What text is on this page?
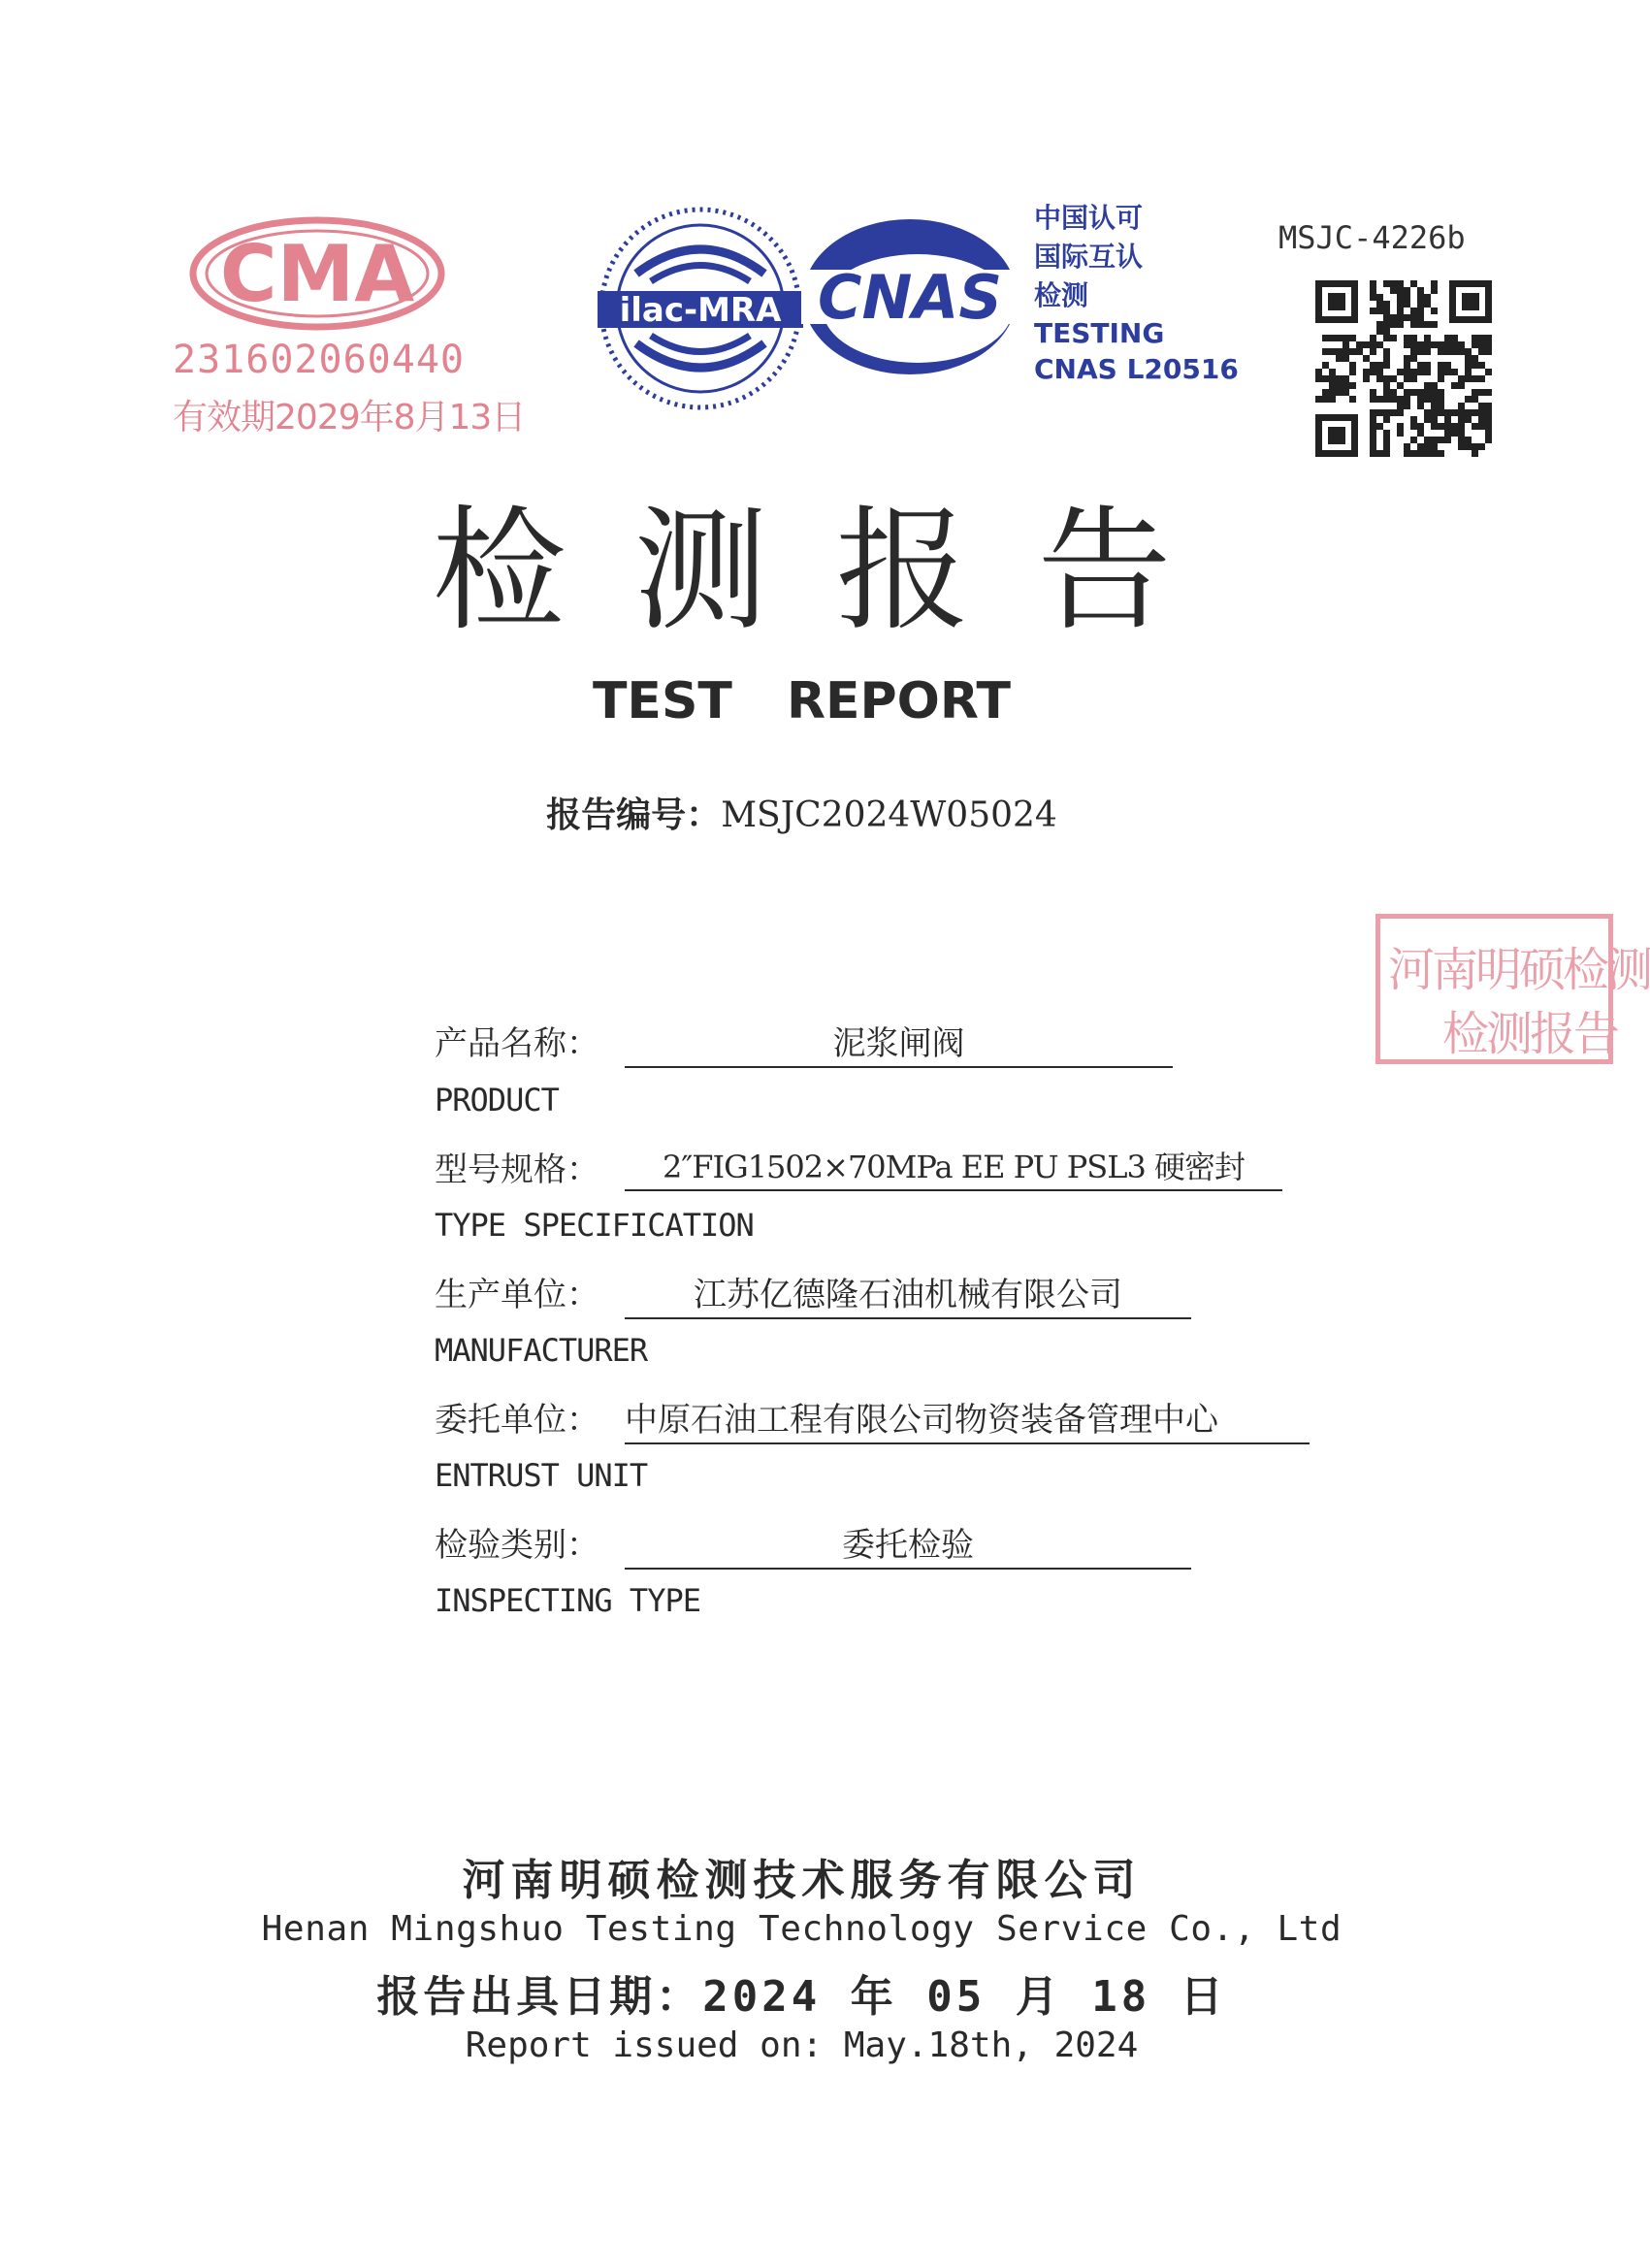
CMA
231602060440
有效期2029年8月13日
ilac-MRA CNAS
中国认可
国际互认
检测
TESTING
CNAS L20516
MSJC-4226b
检测报告
TEST REPORT
报告编号：MSJC2024W05024
河南明硕检测
检测报告
产品名称：	泥浆闸阀
PRODUCT
型号规格：	2″FIG1502×70MPa EE PU PSL3 硬密封
TYPE SPECIFICATION
生产单位：	江苏亿德隆石油机械有限公司
MANUFACTURER
委托单位： 中原石油工程有限公司物资装备管理中心
ENTRUST UNIT
检验类别：	委托检验
INSPECTING TYPE
河南明硕检测技术服务有限公司
Henan Mingshuo Testing Technology Service Co., Ltd
报告出具日期：2024 年 05 月 18 日
Report issued on: May.18th, 2024
